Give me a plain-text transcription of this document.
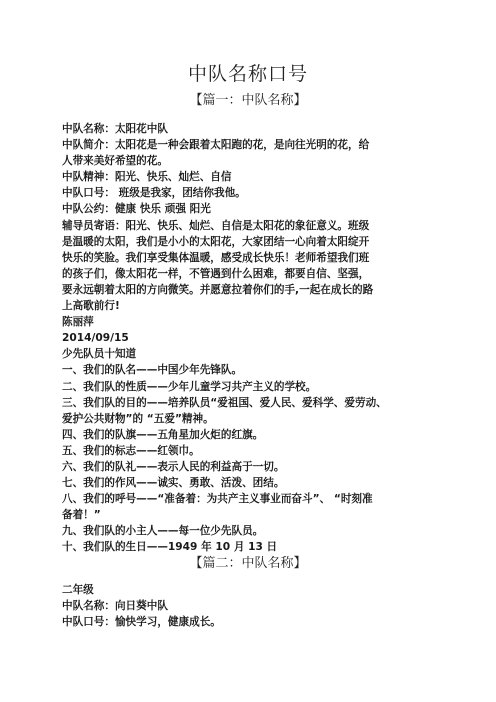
中队名称口号
【篇一：中队名称】

中队名称：太阳花中队

中队简介：太阳花是一种会跟着太阳跑的花，是向往光明的花，给

人带来美好希望的花。

中队精神：阳光、快乐、灿烂、自信

中队口号： 班级是我家，团结你我他。

中队公约：健康 快乐 顽强 阳光

辅导员寄语：阳光、快乐、灿烂、自信是太阳花的象征意义。班级

是温暖的太阳，我们是小小的太阳花，大家团结一心向着太阳绽开

快乐的笑脸。我们享受集体温暖，感受成长快乐！老师希望我们班

的孩子们，像太阳花一样，不管遇到什么困难，都要自信、坚强，

要永远朝着太阳的方向微笑。并愿意拉着你们的手,一起在成长的路

上高歌前行!

陈丽萍

2014/09/15

少先队员十知道

一、我们的队名——中国少年先锋队。

二、我们队的性质——少年儿童学习共产主义的学校。

三、我们队的目的——培养队员“爱祖国、爱人民、爱科学、爱劳动、

爱护公共财物”的 “五爱”精神。

四、我们的队旗——五角星加火炬的红旗。

五、我们的标志——红领巾。

六、我们的队礼——表示人民的利益高于一切。

七、我们的作风——诚实、勇敢、活泼、团结。

八、我们的呼号——“准备着：为共产主义事业而奋斗”、 “时刻准

备着！”

九、我们队的小主人——每一位少先队员。

十、我们队的生日——1949 年 10 月 13 日

【篇二：中队名称】

二年级

中队名称：向日葵中队

中队口号：愉快学习，健康成长。
